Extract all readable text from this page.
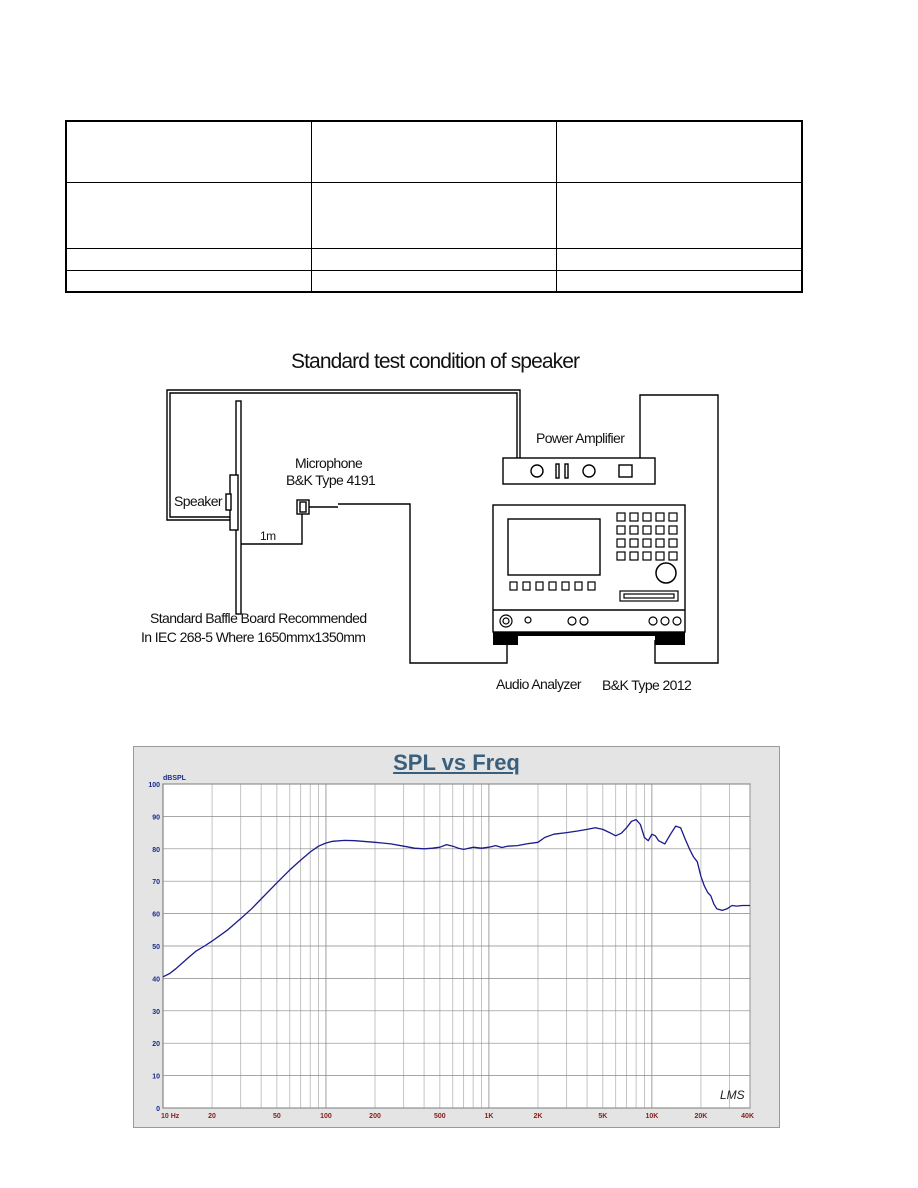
Standard test condition of speaker
Power Amplifier
Microphone
B&K Type 4191
Speaker
1m
Standard Baffle Board Recommended
In IEC 268-5 Where 1650mmx1350mm
Audio Analyzer B&K Type 2012
SPL vs Freq
0
10
20
30
40
50
60
70
80
90
100
10 Hz	20	50	100	200	500	1K	2K	5K	10K	20K	40K
dBSPL
LMS
